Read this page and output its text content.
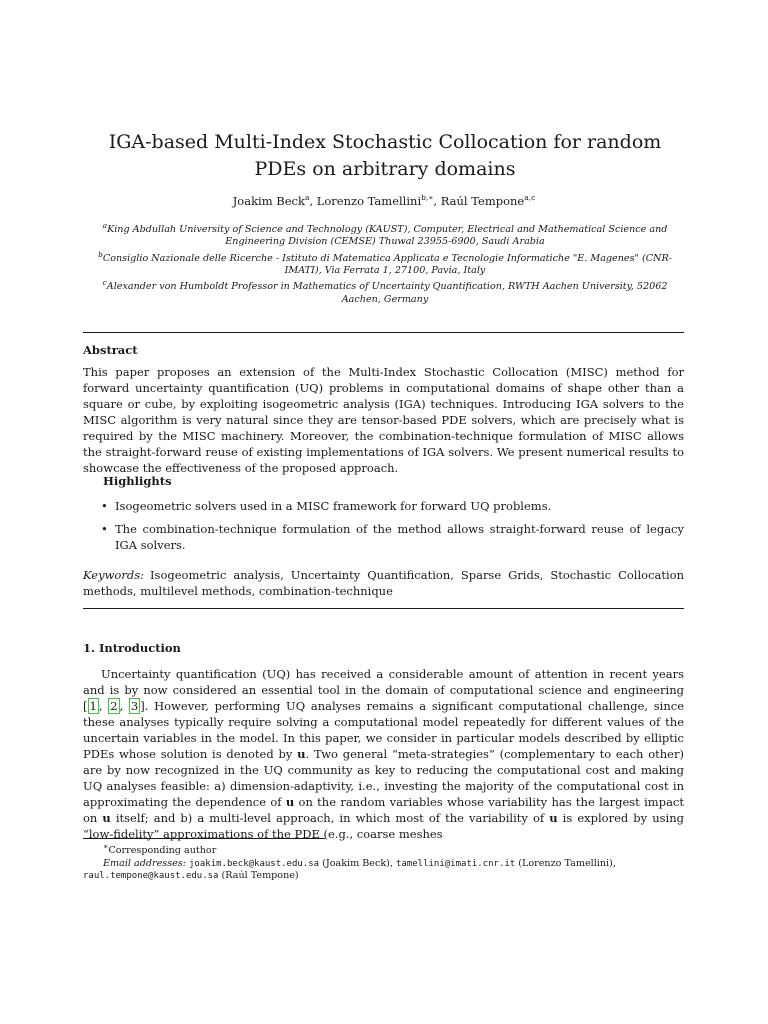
IGA-based Multi-Index Stochastic Collocation for random PDEs on arbitrary domains
Joakim Beck$^a$, Lorenzo Tamellini$^{b,∗}$, Raúl Tempone$^{a,c}$

$^a$King Abdullah University of Science and Technology (KAUST), Computer, Electrical and Mathematical Science and Engineering Division (CEMSE) Thuwal 23955-6900, Saudi Arabia

$^b$Consiglio Nazionale delle Ricerche - Istituto di Matematica Applicata e Tecnologie Informatiche "E. Magenes" (CNR-IMATI), Via Ferrata 1, 27100, Pavia, Italy

$^c$Alexander von Humboldt Professor in Mathematics of Uncertainty Quantification, RWTH Aachen University, 52062 Aachen, Germany

Abstract
This paper proposes an extension of the Multi-Index Stochastic Collocation (MISC) method for forward uncertainty quantification (UQ) problems in computational domains of shape other than a square or cube, by exploiting isogeometric analysis (IGA) techniques. Introducing IGA solvers to the MISC algorithm is very natural since they are tensor-based PDE solvers, which are precisely what is required by the MISC machinery. Moreover, the combination-technique formulation of MISC allows the straight-forward reuse of existing implementations of IGA solvers. We present numerical results to showcase the effectiveness of the proposed approach.
Highlights
• Isogeometric solvers used in a MISC framework for forward UQ problems.
• The combination-technique formulation of the method allows straight-forward reuse of legacy IGA solvers.
Keywords: Isogeometric analysis, Uncertainty Quantification, Sparse Grids, Stochastic Collocation methods, multilevel methods, combination-technique
1. Introduction
Uncertainty quantification (UQ) has received a considerable amount of attention in recent years and is by now considered an essential tool in the domain of computational science and engineering [ 1 , 2 , 3 ]. However, performing UQ analyses remains a significant computational challenge, since these analyses typically require solving a computational model repeatedly for different values of the uncertain variables in the model. In this paper, we consider in particular models described by elliptic PDEs whose solution is denoted by u. Two general “meta-strategies” (complementary to each other) are by now recognized in the UQ community as key to reducing the computational cost and making UQ analyses feasible: a) dimension-adaptivity, i.e., investing the majority of the computational cost in approximating the dependence of u on the random variables whose variability has the largest impact on u itself; and b) a multi-level approach, in which most of the variability of u is explored by using “low-fidelity” approximations of the PDE (e.g., coarse meshes
∗Corresponding author
Email addresses: joakim.beck@kaust.edu.sa (Joakim Beck), tamellini@imati.cnr.it (Lorenzo Tamellini),
raul.tempone@kaust.edu.sa (Raúl Tempone)
